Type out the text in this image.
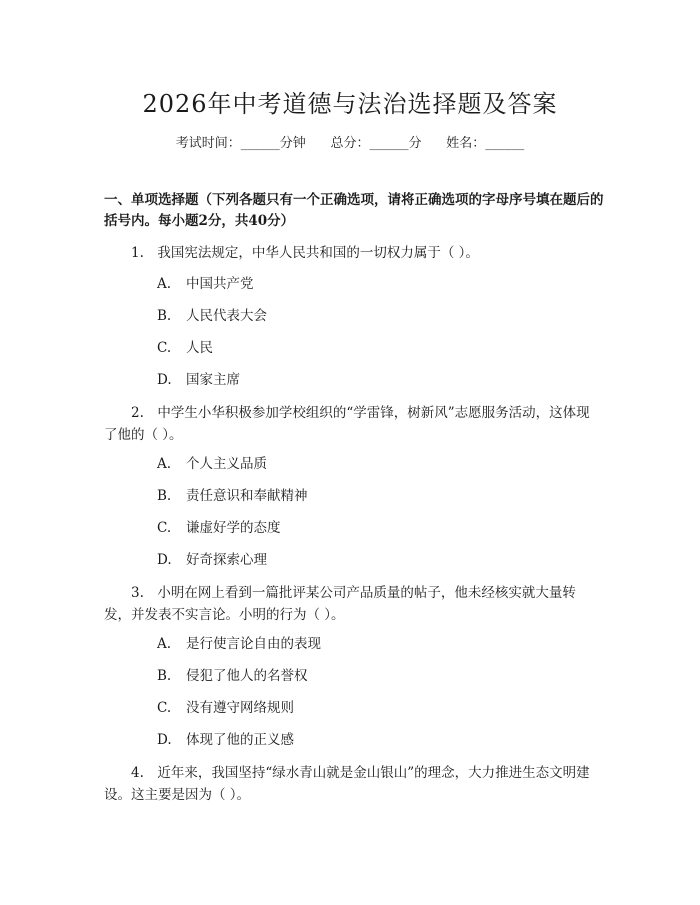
2026年中考道德与法治选择题及答案
考试时间：______分钟      总分：______分      姓名：______
一、单项选择题（下列各题只有一个正确选项，请将正确选项的字母序号填在题后的括号内。每小题2分，共40分）
1.　我国宪法规定，中华人民共和国的一切权力属于（ ）。
A. 中国共产党
B. 人民代表大会
C. 人民
D. 国家主席
2.　中学生小华积极参加学校组织的“学雷锋，树新风”志愿服务活动，这体现了他的（ ）。
A. 个人主义品质
B. 责任意识和奉献精神
C. 谦虚好学的态度
D. 好奇探索心理
3.　小明在网上看到一篇批评某公司产品质量的帖子，他未经核实就大量转发，并发表不实言论。小明的行为（ ）。
A. 是行使言论自由的表现
B. 侵犯了他人的名誉权
C. 没有遵守网络规则
D. 体现了他的正义感
4.　近年来，我国坚持“绿水青山就是金山银山”的理念，大力推进生态文明建设。这主要是因为（ ）。
